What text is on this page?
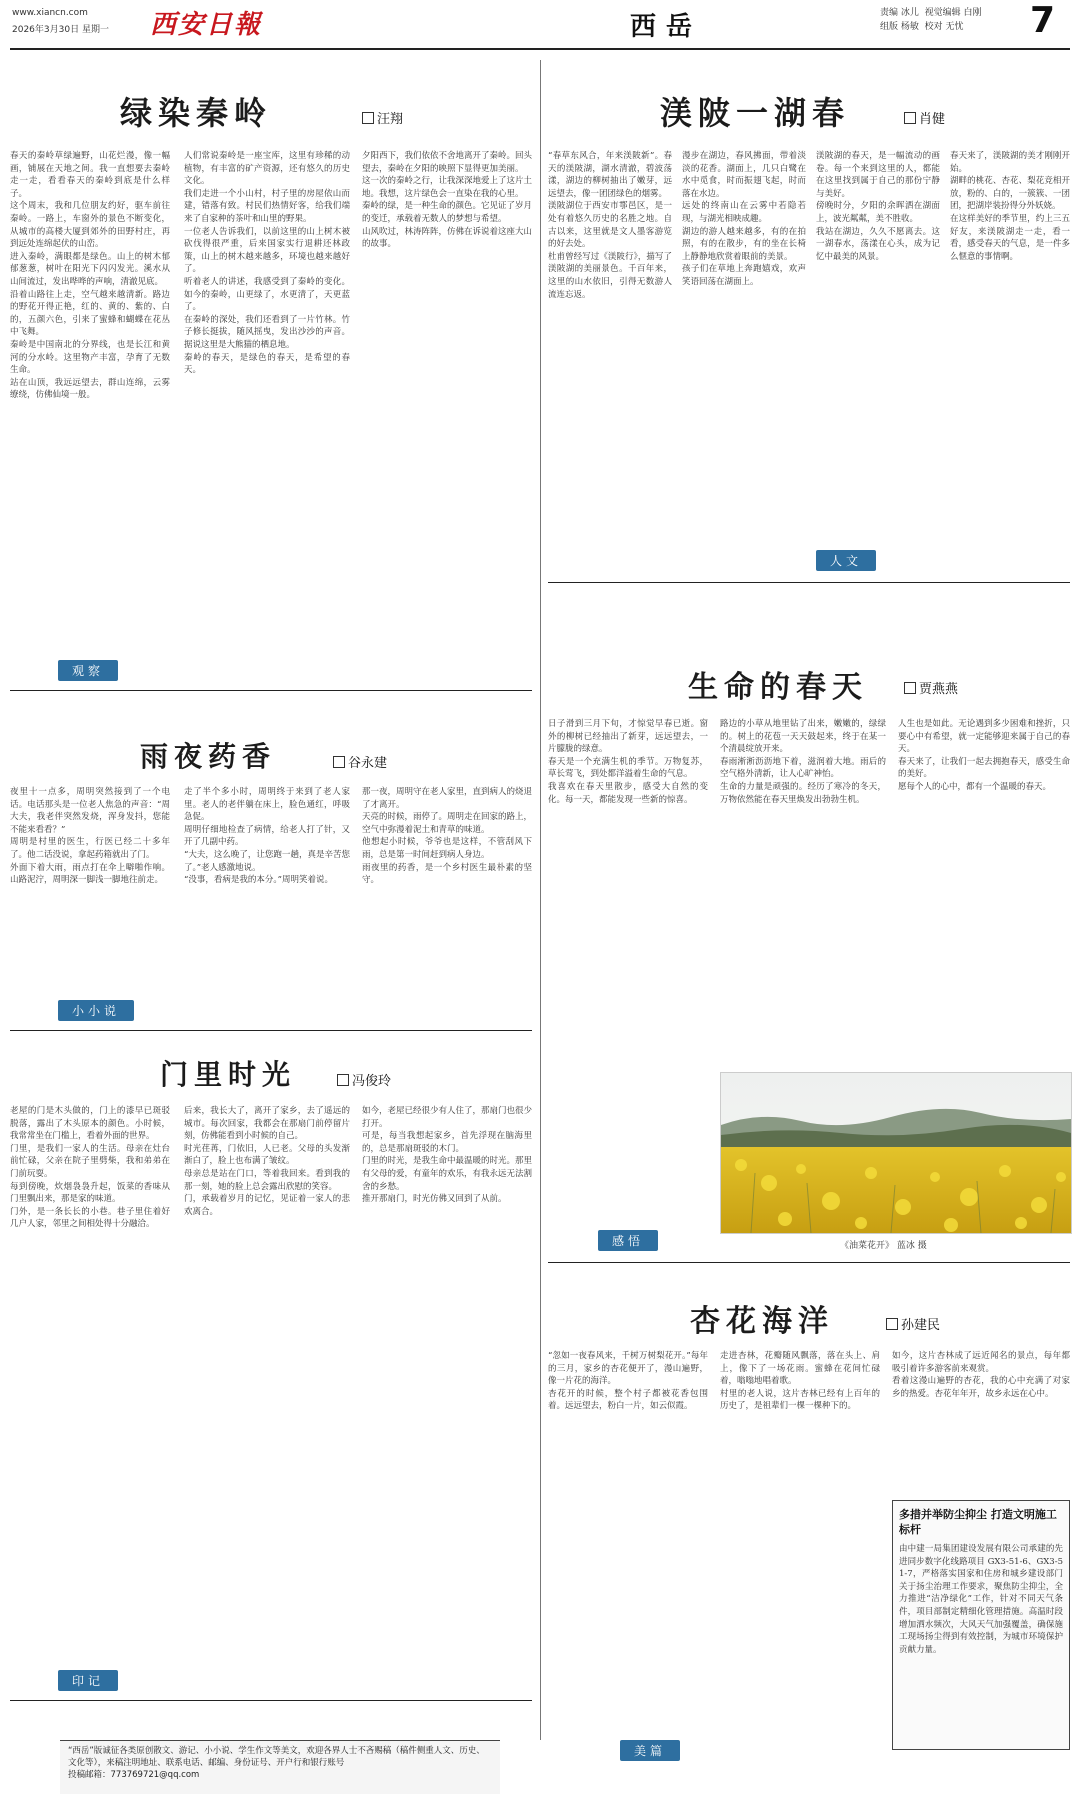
www.xiancn.com
2026年3月30日 星期一 西安日報	西岳	责编 冰儿  视觉编辑 白刚
组版 杨敏  校对 无忧	7
绿染秦岭	汪翔
春天的秦岭草绿遍野，山花烂漫，像一幅画，铺展在天地之间。我一直想要去秦岭走一走，看看春天的秦岭到底是什么样子。
这个周末，我和几位朋友约好，驱车前往秦岭。一路上，车窗外的景色不断变化，从城市的高楼大厦到郊外的田野村庄，再到远处连绵起伏的山峦。
进入秦岭，满眼都是绿色。山上的树木郁郁葱葱，树叶在阳光下闪闪发光。溪水从山间流过，发出哗哗的声响，清澈见底。
沿着山路往上走，空气越来越清新。路边的野花开得正艳，红的、黄的、紫的、白的，五颜六色，引来了蜜蜂和蝴蝶在花丛中飞舞。
秦岭是中国南北的分界线，也是长江和黄河的分水岭。这里物产丰富，孕育了无数生命。
站在山顶，我远远望去，群山连绵，云雾缭绕，仿佛仙境一般。
人们常说秦岭是一座宝库，这里有珍稀的动植物，有丰富的矿产资源，还有悠久的历史文化。
我们走进一个小山村，村子里的房屋依山而建，错落有致。村民们热情好客，给我们端来了自家种的茶叶和山里的野果。
一位老人告诉我们，以前这里的山上树木被砍伐得很严重，后来国家实行退耕还林政策，山上的树木越来越多，环境也越来越好了。
听着老人的讲述，我感受到了秦岭的变化。如今的秦岭，山更绿了，水更清了，天更蓝了。
在秦岭的深处，我们还看到了一片竹林。竹子修长挺拔，随风摇曳，发出沙沙的声音。据说这里是大熊猫的栖息地。
秦岭的春天，是绿色的春天，是希望的春天。
夕阳西下，我们依依不舍地离开了秦岭。回头望去，秦岭在夕阳的映照下显得更加美丽。
这一次的秦岭之行，让我深深地爱上了这片土地。我想，这片绿色会一直染在我的心里。
秦岭的绿，是一种生命的颜色。它见证了岁月的变迁，承载着无数人的梦想与希望。
山风吹过，林涛阵阵，仿佛在诉说着这座大山的故事。
观察
渼陂一湖春	肖健
“春草东风合，年来渼陂新”。春天的渼陂湖，湖水清澈，碧波荡漾，湖边的柳树抽出了嫩芽，远远望去，像一团团绿色的烟雾。
渼陂湖位于西安市鄠邑区，是一处有着悠久历史的名胜之地。自古以来，这里就是文人墨客游览的好去处。
杜甫曾经写过《渼陂行》，描写了渼陂湖的美丽景色。千百年来，这里的山水依旧，引得无数游人流连忘返。
漫步在湖边，春风拂面，带着淡淡的花香。湖面上，几只白鹭在水中觅食，时而振翅飞起，时而落在水边。
远处的终南山在云雾中若隐若现，与湖光相映成趣。
湖边的游人越来越多，有的在拍照，有的在散步，有的坐在长椅上静静地欣赏着眼前的美景。
孩子们在草地上奔跑嬉戏，欢声笑语回荡在湖面上。
渼陂湖的春天，是一幅流动的画卷。每一个来到这里的人，都能在这里找到属于自己的那份宁静与美好。
傍晚时分，夕阳的余晖洒在湖面上，波光粼粼，美不胜收。
我站在湖边，久久不愿离去。这一湖春水，荡漾在心头，成为记忆中最美的风景。
春天来了，渼陂湖的美才刚刚开始。
湖畔的桃花、杏花、梨花竞相开放，粉的、白的，一簇簇、一团团，把湖岸装扮得分外妖娆。
在这样美好的季节里，约上三五好友，来渼陂湖走一走，看一看，感受春天的气息，是一件多么惬意的事情啊。
人文
雨夜药香	谷永建
夜里十一点多，周明突然接到了一个电话。电话那头是一位老人焦急的声音：“周大夫，我老伴突然发烧，浑身发抖，您能不能来看看？”
周明是村里的医生，行医已经二十多年了。他二话没说，拿起药箱就出了门。
外面下着大雨，雨点打在伞上噼啪作响。山路泥泞，周明深一脚浅一脚地往前走。
走了半个多小时，周明终于来到了老人家里。老人的老伴躺在床上，脸色通红，呼吸急促。
周明仔细地检查了病情，给老人打了针，又开了几副中药。
“大夫，这么晚了，让您跑一趟，真是辛苦您了。”老人感激地说。
“没事，看病是我的本分。”周明笑着说。
那一夜，周明守在老人家里，直到病人的烧退了才离开。
天亮的时候，雨停了。周明走在回家的路上，空气中弥漫着泥土和青草的味道。
他想起小时候，爷爷也是这样，不管刮风下雨，总是第一时间赶到病人身边。
雨夜里的药香，是一个乡村医生最朴素的坚守。
小小说
门里时光	冯俊玲
老屋的门是木头做的，门上的漆早已斑驳脱落，露出了木头原本的颜色。小时候，我常常坐在门槛上，看着外面的世界。
门里，是我们一家人的生活。母亲在灶台前忙碌，父亲在院子里劈柴，我和弟弟在门前玩耍。
每到傍晚，炊烟袅袅升起，饭菜的香味从门里飘出来，那是家的味道。
门外，是一条长长的小巷。巷子里住着好几户人家，邻里之间相处得十分融洽。
后来，我长大了，离开了家乡，去了遥远的城市。每次回家，我都会在那扇门前停留片刻，仿佛能看到小时候的自己。
时光荏苒，门依旧，人已老。父母的头发渐渐白了，脸上也布满了皱纹。
母亲总是站在门口，等着我回来。看到我的那一刻，她的脸上总会露出欣慰的笑容。
门，承载着岁月的记忆，见证着一家人的悲欢离合。
如今，老屋已经很少有人住了，那扇门也很少打开。
可是，每当我想起家乡，首先浮现在脑海里的，总是那扇斑驳的木门。
门里的时光，是我生命中最温暖的时光。那里有父母的爱，有童年的欢乐，有我永远无法割舍的乡愁。
推开那扇门，时光仿佛又回到了从前。
印记
生命的春天	贾燕燕
日子滑到三月下旬，才惊觉早春已逝。窗外的柳树已经抽出了新芽，远远望去，一片朦胧的绿意。
春天是一个充满生机的季节。万物复苏，草长莺飞，到处都洋溢着生命的气息。
我喜欢在春天里散步，感受大自然的变化。每一天，都能发现一些新的惊喜。
路边的小草从地里钻了出来，嫩嫩的，绿绿的。树上的花苞一天天鼓起来，终于在某一个清晨绽放开来。
春雨淅淅沥沥地下着，滋润着大地。雨后的空气格外清新，让人心旷神怡。
生命的力量是顽强的。经历了寒冷的冬天，万物依然能在春天里焕发出勃勃生机。
人生也是如此。无论遇到多少困难和挫折，只要心中有希望，就一定能够迎来属于自己的春天。
春天来了，让我们一起去拥抱春天，感受生命的美好。
愿每个人的心中，都有一个温暖的春天。
《油菜花开》 蓝冰 摄
感悟
杏花海洋	孙建民
“忽如一夜春风来，千树万树梨花开。”每年的三月，家乡的杏花便开了，漫山遍野，像一片花的海洋。
杏花开的时候，整个村子都被花香包围着。远远望去，粉白一片，如云似霞。
走进杏林，花瓣随风飘落，落在头上、肩上，像下了一场花雨。蜜蜂在花间忙碌着，嗡嗡地唱着歌。
村里的老人说，这片杏林已经有上百年的历史了，是祖辈们一棵一棵种下的。
如今，这片杏林成了远近闻名的景点，每年都吸引着许多游客前来观赏。
看着这漫山遍野的杏花，我的心中充满了对家乡的热爱。杏花年年开，故乡永远在心中。
美篇
多措并举防尘抑尘 打造文明施工标杆
由中建一局集团建设发展有限公司承建的先进同步数字化线路项目 GX3-51-6、GX3-51-7，严格落实国家和住房和城乡建设部门关于扬尘治理工作要求，聚焦防尘抑尘，全力推进“洁净绿化”工作，针对不同天气条件，项目部制定精细化管理措施。高温时段增加洒水频次，大风天气加强覆盖，确保施工现场扬尘得到有效控制，为城市环境保护贡献力量。
“西岳”版诚征各类原创散文、游记、小小说、学生作文等美文，欢迎各界人士不吝赐稿（稿件侧重人文、历史、文化等），来稿注明地址、联系电话、邮编、身份证号、开户行和银行账号
投稿邮箱：773769721@qq.com
